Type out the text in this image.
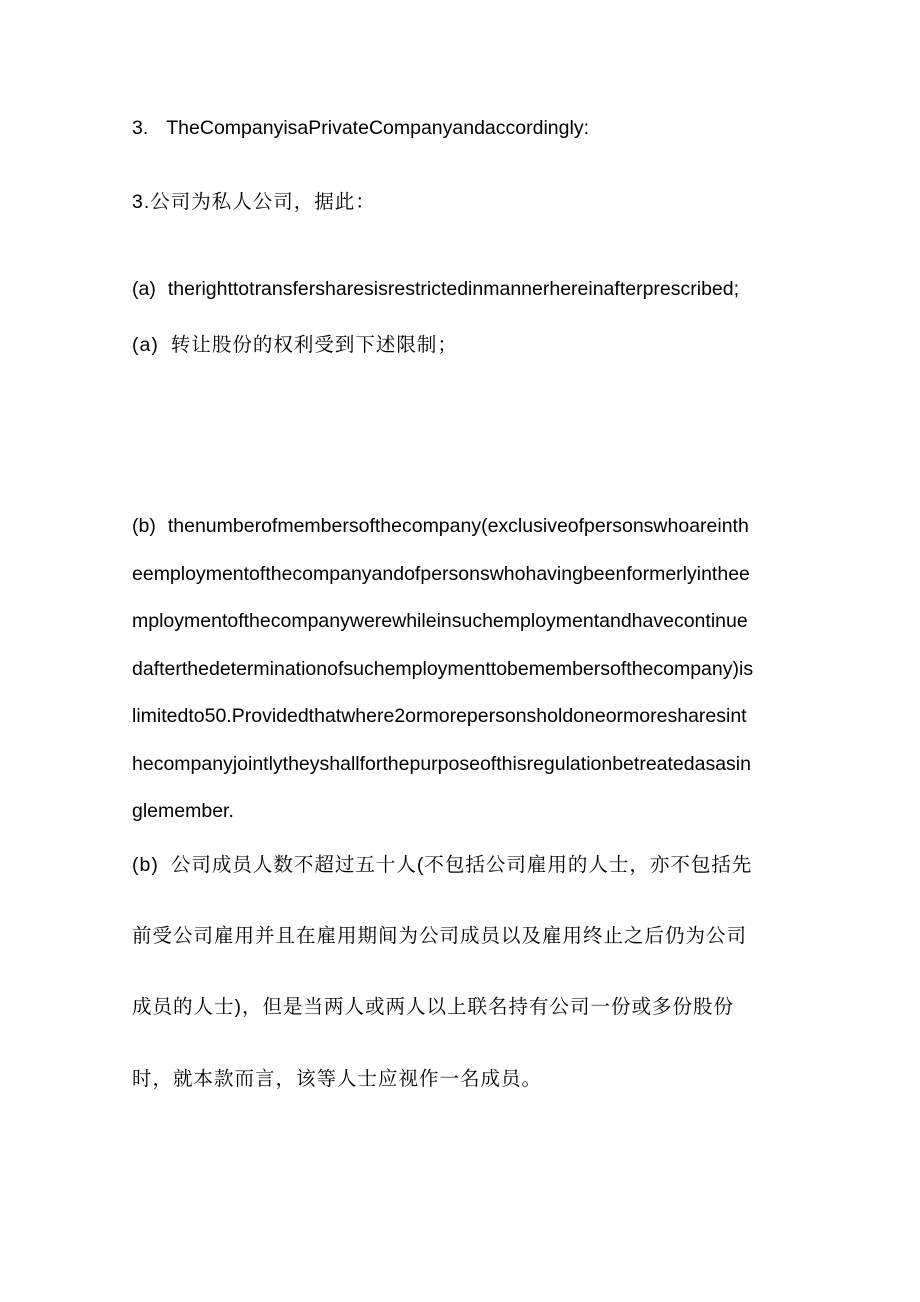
3. TheCompanyisaPrivateCompanyandaccordingly:
3.公司为私人公司，据此：
(a) therighttotransfersharesisrestrictedinmannerhereinafterprescribed;
(a) 转让股份的权利受到下述限制；
(b) thenumberofmembersofthecompany(exclusiveofpersonswhoareinth
eemploymentofthecompanyandofpersonswhohavingbeenformerlyinthee
mploymentofthecompanywerewhileinsuchemploymentandhavecontinue
dafterthedeterminationofsuchemploymenttobemembersofthecompany)is
limitedto50.Providedthatwhere2ormorepersonsholdoneormoresharesint
hecompanyjointlytheyshallforthepurposeofthisregulationbetreatedasasin
glemember.
(b) 公司成员人数不超过五十人(不包括公司雇用的人士，亦不包括先
前受公司雇用并且在雇用期间为公司成员以及雇用终止之后仍为公司
成员的人士)，但是当两人或两人以上联名持有公司一份或多份股份
时，就本款而言，该等人士应视作一名成员。
